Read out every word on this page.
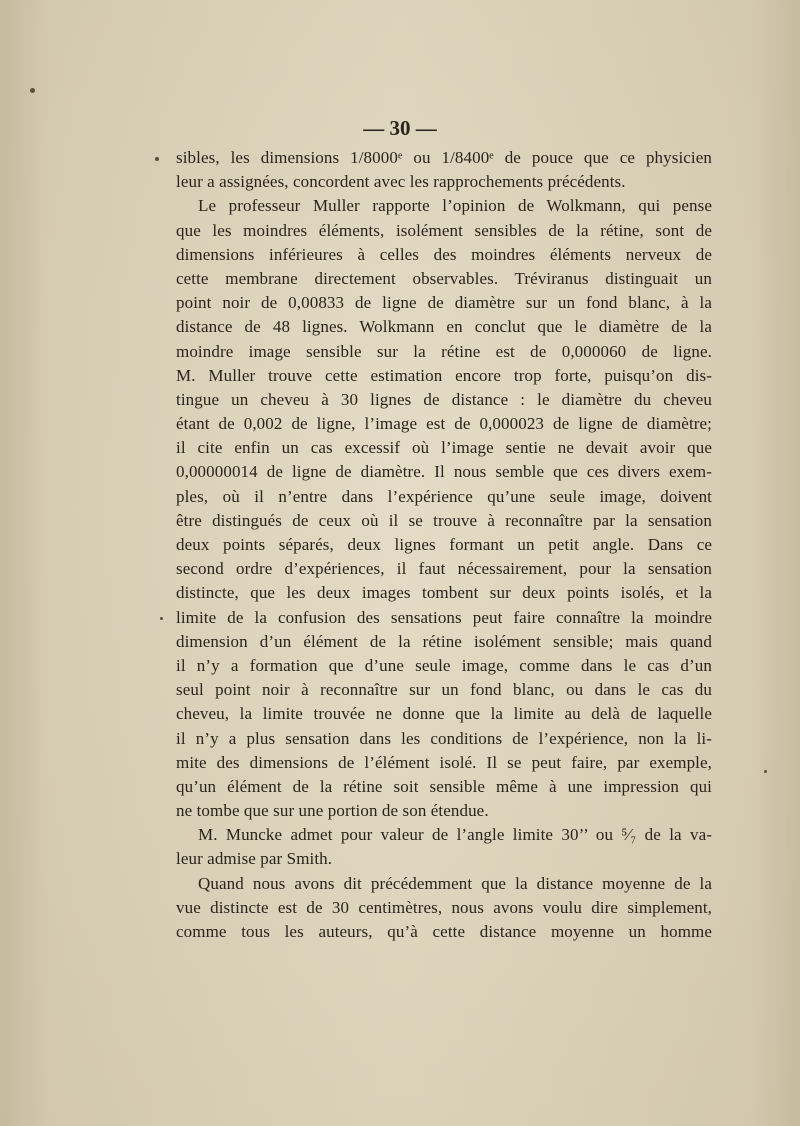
— 30 —
sibles, les dimensions 1/8000ᵉ ou 1/8400ᵉ de pouce que ce physicien
leur a assignées, concordent avec les rapprochements précédents.
Le professeur Muller rapporte l’opinion de Wolkmann, qui pense
que les moindres éléments, isolément sensibles de la rétine, sont de
dimensions inférieures à celles des moindres éléments nerveux de
cette membrane directement observables. Tréviranus distinguait un
point noir de 0,00833 de ligne de diamètre sur un fond blanc, à la
distance de 48 lignes. Wolkmann en conclut que le diamètre de la
moindre image sensible sur la rétine est de 0,000060 de ligne.
M. Muller trouve cette estimation encore trop forte, puisqu’on dis-
tingue un cheveu à 30 lignes de distance : le diamètre du cheveu
étant de 0,002 de ligne, l’image est de 0,000023 de ligne de diamètre;
il cite enfin un cas excessif où l’image sentie ne devait avoir que
0,00000014 de ligne de diamètre. Il nous semble que ces divers exem-
ples, où il n’entre dans l’expérience qu’une seule image, doivent
être distingués de ceux où il se trouve à reconnaître par la sensation
deux points séparés, deux lignes formant un petit angle. Dans ce
second ordre d’expériences, il faut nécessairement, pour la sensation
distincte, que les deux images tombent sur deux points isolés, et la
limite de la confusion des sensations peut faire connaître la moindre
dimension d’un élément de la rétine isolément sensible; mais quand
il n’y a formation que d’une seule image, comme dans le cas d’un
seul point noir à reconnaître sur un fond blanc, ou dans le cas du
cheveu, la limite trouvée ne donne que la limite au delà de laquelle
il n’y a plus sensation dans les conditions de l’expérience, non la li-
mite des dimensions de l’élément isolé. Il se peut faire, par exemple,
qu’un élément de la rétine soit sensible même à une impression qui
ne tombe que sur une portion de son étendue.
M. Muncke admet pour valeur de l’angle limite 30’’ ou ⁵⁄₇ de la va-
leur admise par Smith.
Quand nous avons dit précédemment que la distance moyenne de la
vue distincte est de 30 centimètres, nous avons voulu dire simplement,
comme tous les auteurs, qu’à cette distance moyenne un homme
